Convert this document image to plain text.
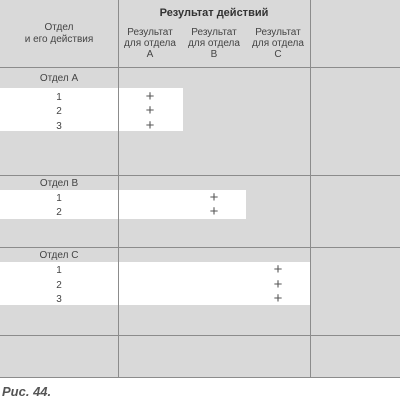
Отдел
и его действия
Результат действий
Результат
для отдела
A
Результат
для отдела
B
Результат
для отдела
C
Отдел A
1
2
3
+
+
+
Отдел B
1
2
+
+
Отдел C
1
2
3
+
+
+
Рис. 44.
